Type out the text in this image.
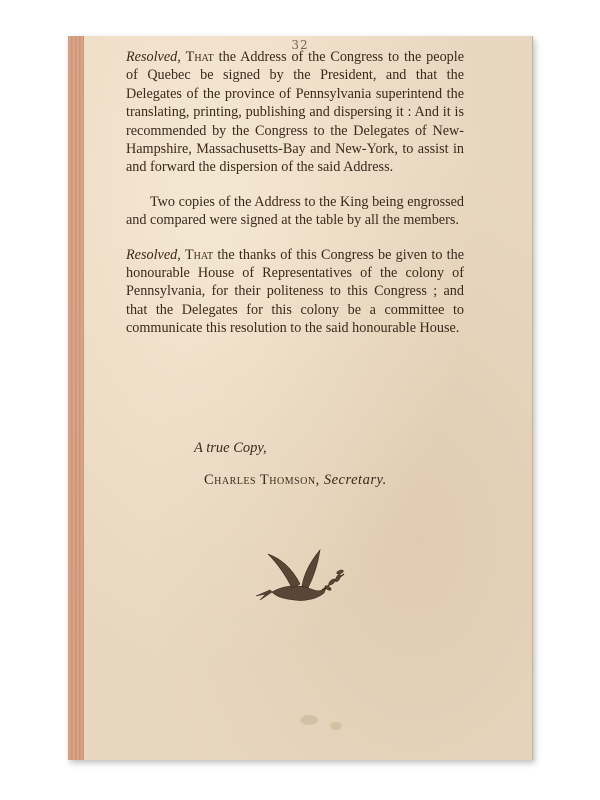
32

Resolved, That the Address of the Congress to the people of Quebec be signed by the President, and that the Delegates of the province of Pennsylvania superintend the translating, printing, publishing and dispersing it : And it is recommended by the Congress to the Delegates of New-Hampshire, Massachusetts-Bay and New-York, to assist in and forward the dispersion of the said Address.

Two copies of the Address to the King being engrossed and compared were signed at the table by all the members.

Resolved, That the thanks of this Congress be given to the honourable House of Representatives of the colony of Pennsylvania, for their politeness to this Congress ; and that the Delegates for this colony be a committee to communicate this resolution to the said honourable House.

A true Copy,
Charles Thomson, Secretary.
